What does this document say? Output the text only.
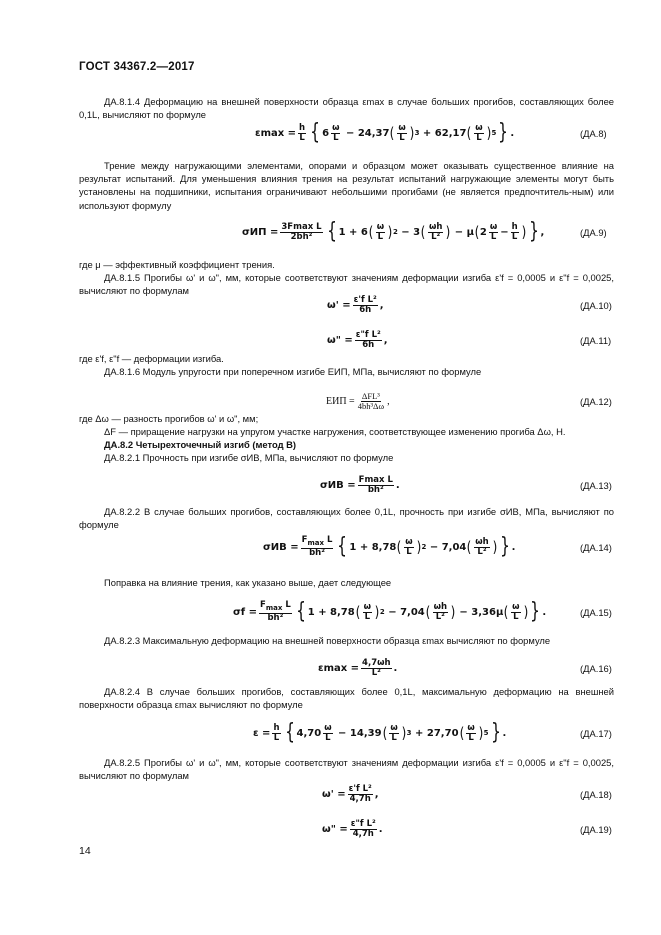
ГОСТ 34367.2—2017
ДА.8.1.4 Деформацию на внешней поверхности образца εmax в случае больших прогибов, составляющих более 0,1L, вычисляют по формуле
$\varepsilon\max = \frac{h}{L}$ { $6 \frac{\omega}{L} - 24,37$ ( $\frac{\omega}{L}$ ) 3 + 62,17 ( $\frac{\omega}{L}$ ) 5 } .	(ДА.8)
Трение между нагружающими элементами, опорами и образцом может оказывать существенное влияние на результат испытаний. Для уменьшения влияния трения на результат испытаний нагружающие элементы могут быть установлены на подшипники, испытания ограничивают небольшими прогибами (не является предпочтитель-ным) или используют формулу
$\sigma ИП = \frac{\text{3Fmax L}}{\text{2bh²}}$ { 1 + 6 ( $\frac{\omega}{L}$ ) 2 − 3 ( $\frac{\omega h}{\text{L²}}$ ) − μ ( $2 \frac{\omega}{L} - \frac{h}{L}$ ) } ,	(ДА.9)
где μ — эффективный коэффициент трения.
ДА.8.1.5 Прогибы ω' и ω", мм, которые соответствуют значениям деформации изгиба ε'f = 0,0005 и ε"f = 0,0025, вычисляют по формулам
$\omega' = \frac{\text{ε'f L²}}{6h}$ ,	(ДА.10)
ω" = $\frac{\text{ε"f L²}}{6h}$ ,	(ДА.11)
где ε'f, ε"f — деформации изгиба.
ДА.8.1.6 Модуль упругости при поперечном изгибе EИП, МПа, вычисляют по формуле
EИП = $\frac{\text{ΔFL³}}{\text{4bh³Δω}}$ ,	(ДА.12)
где Δω — разность прогибов ω' и ω", мм;
ΔF — приращение нагрузки на упругом участке нагружения, соответствующее изменению прогиба Δω, Н.
ДА.8.2 Четырехточечный изгиб (метод В)
ДА.8.2.1 Прочность при изгибе σИВ, МПа, вычисляют по формуле
$\sigma ИВ = \frac{\text{Fmax L}}{\text{bh²}}$ .	(ДА.13)
ДА.8.2.2 В случае больших прогибов, составляющих более 0,1L, прочность при изгибе σИВ, МПа, вычисляют по формуле
$\sigma ИВ = \frac{F_{max} L}{\text{bh²}}$ { 1 + 8,78 ( $\frac{\omega}{L}$ ) 2 − 7,04 ( $\frac{\omega h}{\text{L²}}$ ) } .	(ДА.14)
Поправка на влияние трения, как указано выше, дает следующее
$\sigma f = \frac{F_{max} L}{\text{bh²}}$ { 1 + 8,78 ( $\frac{\omega}{L}$ ) 2 − 7,04 ( $\frac{\omega h}{\text{L²}}$ ) − 3,36μ ( $\frac{\omega}{L}$ ) } .	(ДА.15)
ДА.8.2.3 Максимальную деформацию на внешней поверхности образца εmax вычисляют по формуле
$\varepsilon\max = \frac{4,7\omega h}{\text{L²}}$ .	(ДА.16)
ДА.8.2.4 В случае больших прогибов, составляющих более 0,1L, максимальную деформацию на внешней поверхности образца εmax вычисляют по формуле
$\varepsilon = \frac{h}{L}$ { $4,70 \frac{\omega}{L} - 14,39$ ( $\frac{\omega}{L}$ ) 3 + 27,70 ( $\frac{\omega}{L}$ ) 5 } .	(ДА.17)
ДА.8.2.5 Прогибы ω' и ω", мм, которые соответствуют значениям деформации изгиба ε'f = 0,0005 и ε"f = 0,0025, вычисляют по формулам
$\omega' = \frac{\text{ε'f L²}}{4,7h}$ ,	(ДА.18)
ω" = $\frac{\text{ε"f L²}}{4,7h}$ .	(ДА.19)
14
